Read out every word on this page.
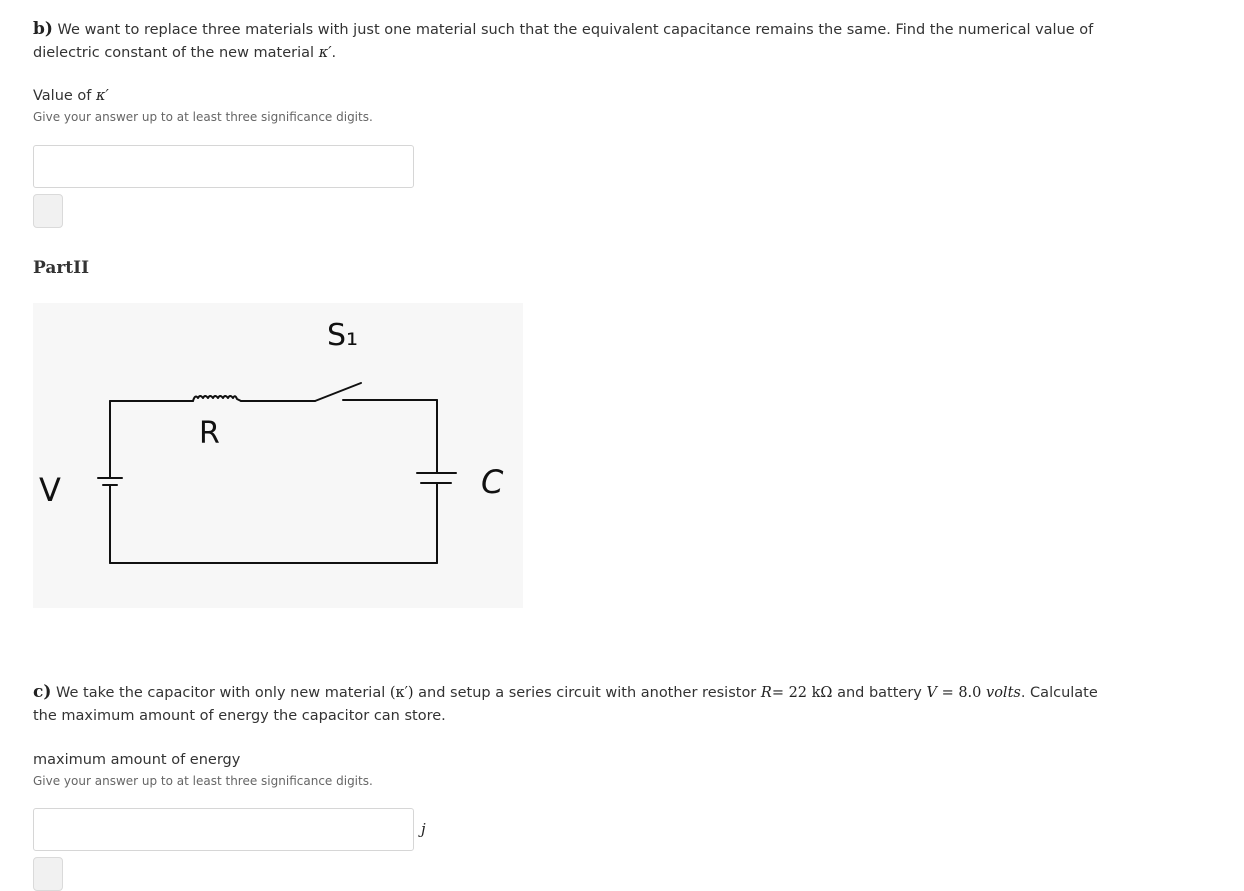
b) We want to replace three materials with just one material such that the equivalent capacitance remains the same. Find the numerical value of
dielectric constant of the new material κ′.
Value of κ′
Give your answer up to at least three significance digits.
PartII
S₁
R
V	C
c) We take the capacitor with only new material (κ′) and setup a series circuit with another resistor R= 22 kΩ and battery V = 8.0 volts. Calculate
the maximum amount of energy the capacitor can store.
maximum amount of energy
Give your answer up to at least three significance digits.
j
